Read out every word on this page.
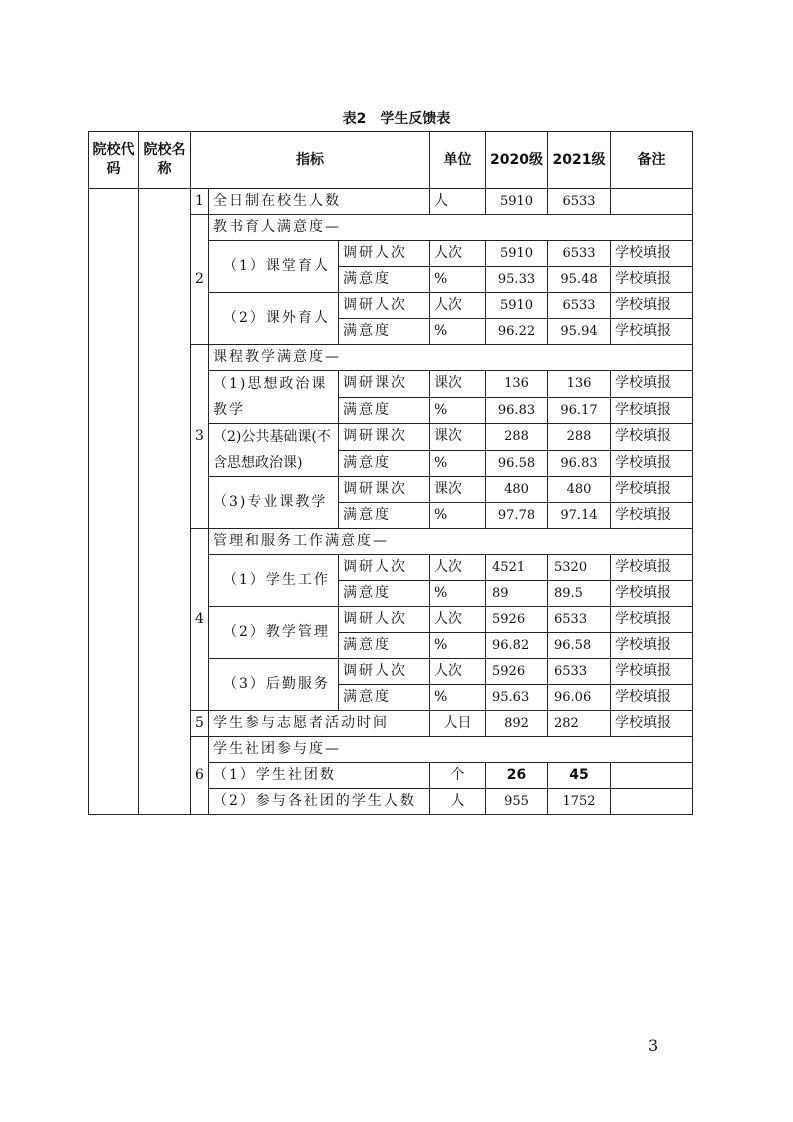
表2 学生反馈表
院校代码	院校名称	指标			单位	2020级	2021级	备注
		1	全日制在校生人数		人	5910	6533	
		2	教书育人满意度—					
			（1）课堂育人	调研人次	人次	5910	6533	学校填报
				满意度	%	95.33	95.48	学校填报
			（2）课外育人	调研人次	人次	5910	6533	学校填报
				满意度	%	96.22	95.94	学校填报
		3	课程教学满意度—					
			（1)思想政治课教学	调研课次	课次	136	136	学校填报
				满意度	%	96.83	96.17	学校填报
			（2)公共基础课(不含思想政治课)	调研课次	课次	288	288	学校填报
				满意度	%	96.58	96.83	学校填报
			（3)专业课教学	调研课次	课次	480	480	学校填报
				满意度	%	97.78	97.14	学校填报
		4	管理和服务工作满意度—					
			（1）学生工作	调研人次	人次	4521	5320	学校填报
				满意度	%	89	89.5	学校填报
			（2）教学管理	调研人次	人次	5926	6533	学校填报
				满意度	%	96.82	96.58	学校填报
			（3）后勤服务	调研人次	人次	5926	6533	学校填报
				满意度	%	95.63	96.06	学校填报
		5	学生参与志愿者活动时间		人日	892	282	学校填报
		6	学生社团参与度—					
			（1）学生社团数		个	26	45	
			（2）参与各社团的学生人数		人	955	1752	
3
